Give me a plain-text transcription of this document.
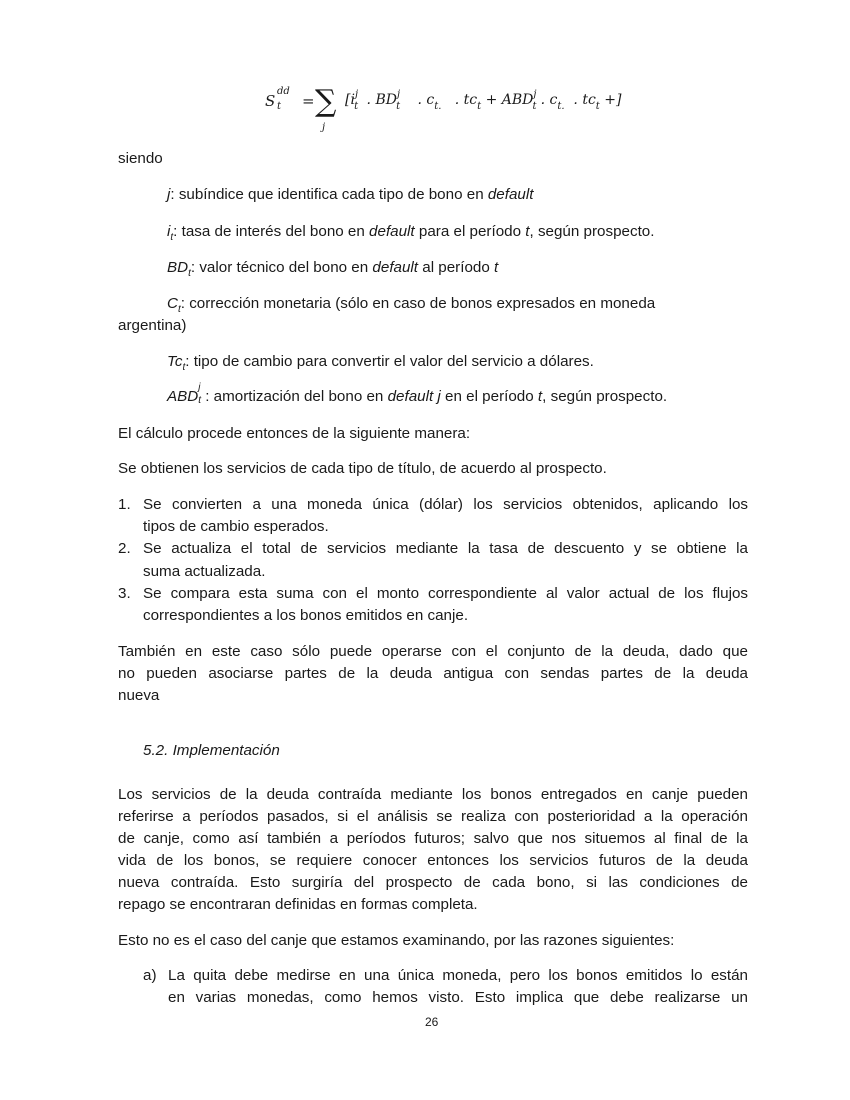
S
dd
t = ∑
j
[$i^j_t$ . $BD^j_t$   . $c_{t.}$   . $tc_t + ABD^j_t$ . $c_{t.}$  . $tc_t$ +]
siendo
j: subíndice que identifica cada tipo de bono en default
$i_t$: tasa de interés del bono en default para el período t, según prospecto.
$BD_t$: valor técnico del bono en default al período t
$C_t$: corrección monetaria (sólo en caso de bonos expresados en moneda
argentina)
$Tc_t$: tipo de cambio para convertir el valor del servicio a dólares.
ABD
j
t : amortización del bono en default j en el período t, según prospecto.
El cálculo procede entonces de la siguiente manera:
Se obtienen los servicios de cada tipo de título, de acuerdo al prospecto.
1. Se convierten a una moneda única (dólar) los servicios obtenidos, aplicando los
tipos de cambio esperados.
2. Se actualiza el total de servicios mediante la tasa de descuento y se obtiene la
suma actualizada.
3. Se compara esta suma con el monto correspondiente al valor actual de los flujos
correspondientes a los bonos emitidos en canje.
También en este caso sólo puede operarse con el conjunto de la deuda, dado que
no pueden asociarse partes de la deuda antigua con sendas partes de la deuda
nueva
5.2. Implementación
Los servicios de la deuda contraída mediante los bonos entregados en canje pueden
referirse a períodos pasados, si el análisis se realiza con posterioridad a la operación
de canje, como así también a períodos futuros; salvo que nos situemos al final de la
vida de los bonos, se requiere conocer entonces los servicios futuros de la deuda
nueva contraída. Esto surgiría del prospecto de cada bono, si las condiciones de
repago se encontraran definidas en formas completa.
Esto no es el caso del canje que estamos examinando, por las razones siguientes:
a) La quita debe medirse en una única moneda, pero los bonos emitidos lo están
en varias monedas, como hemos visto. Esto implica que debe realizarse un
26
